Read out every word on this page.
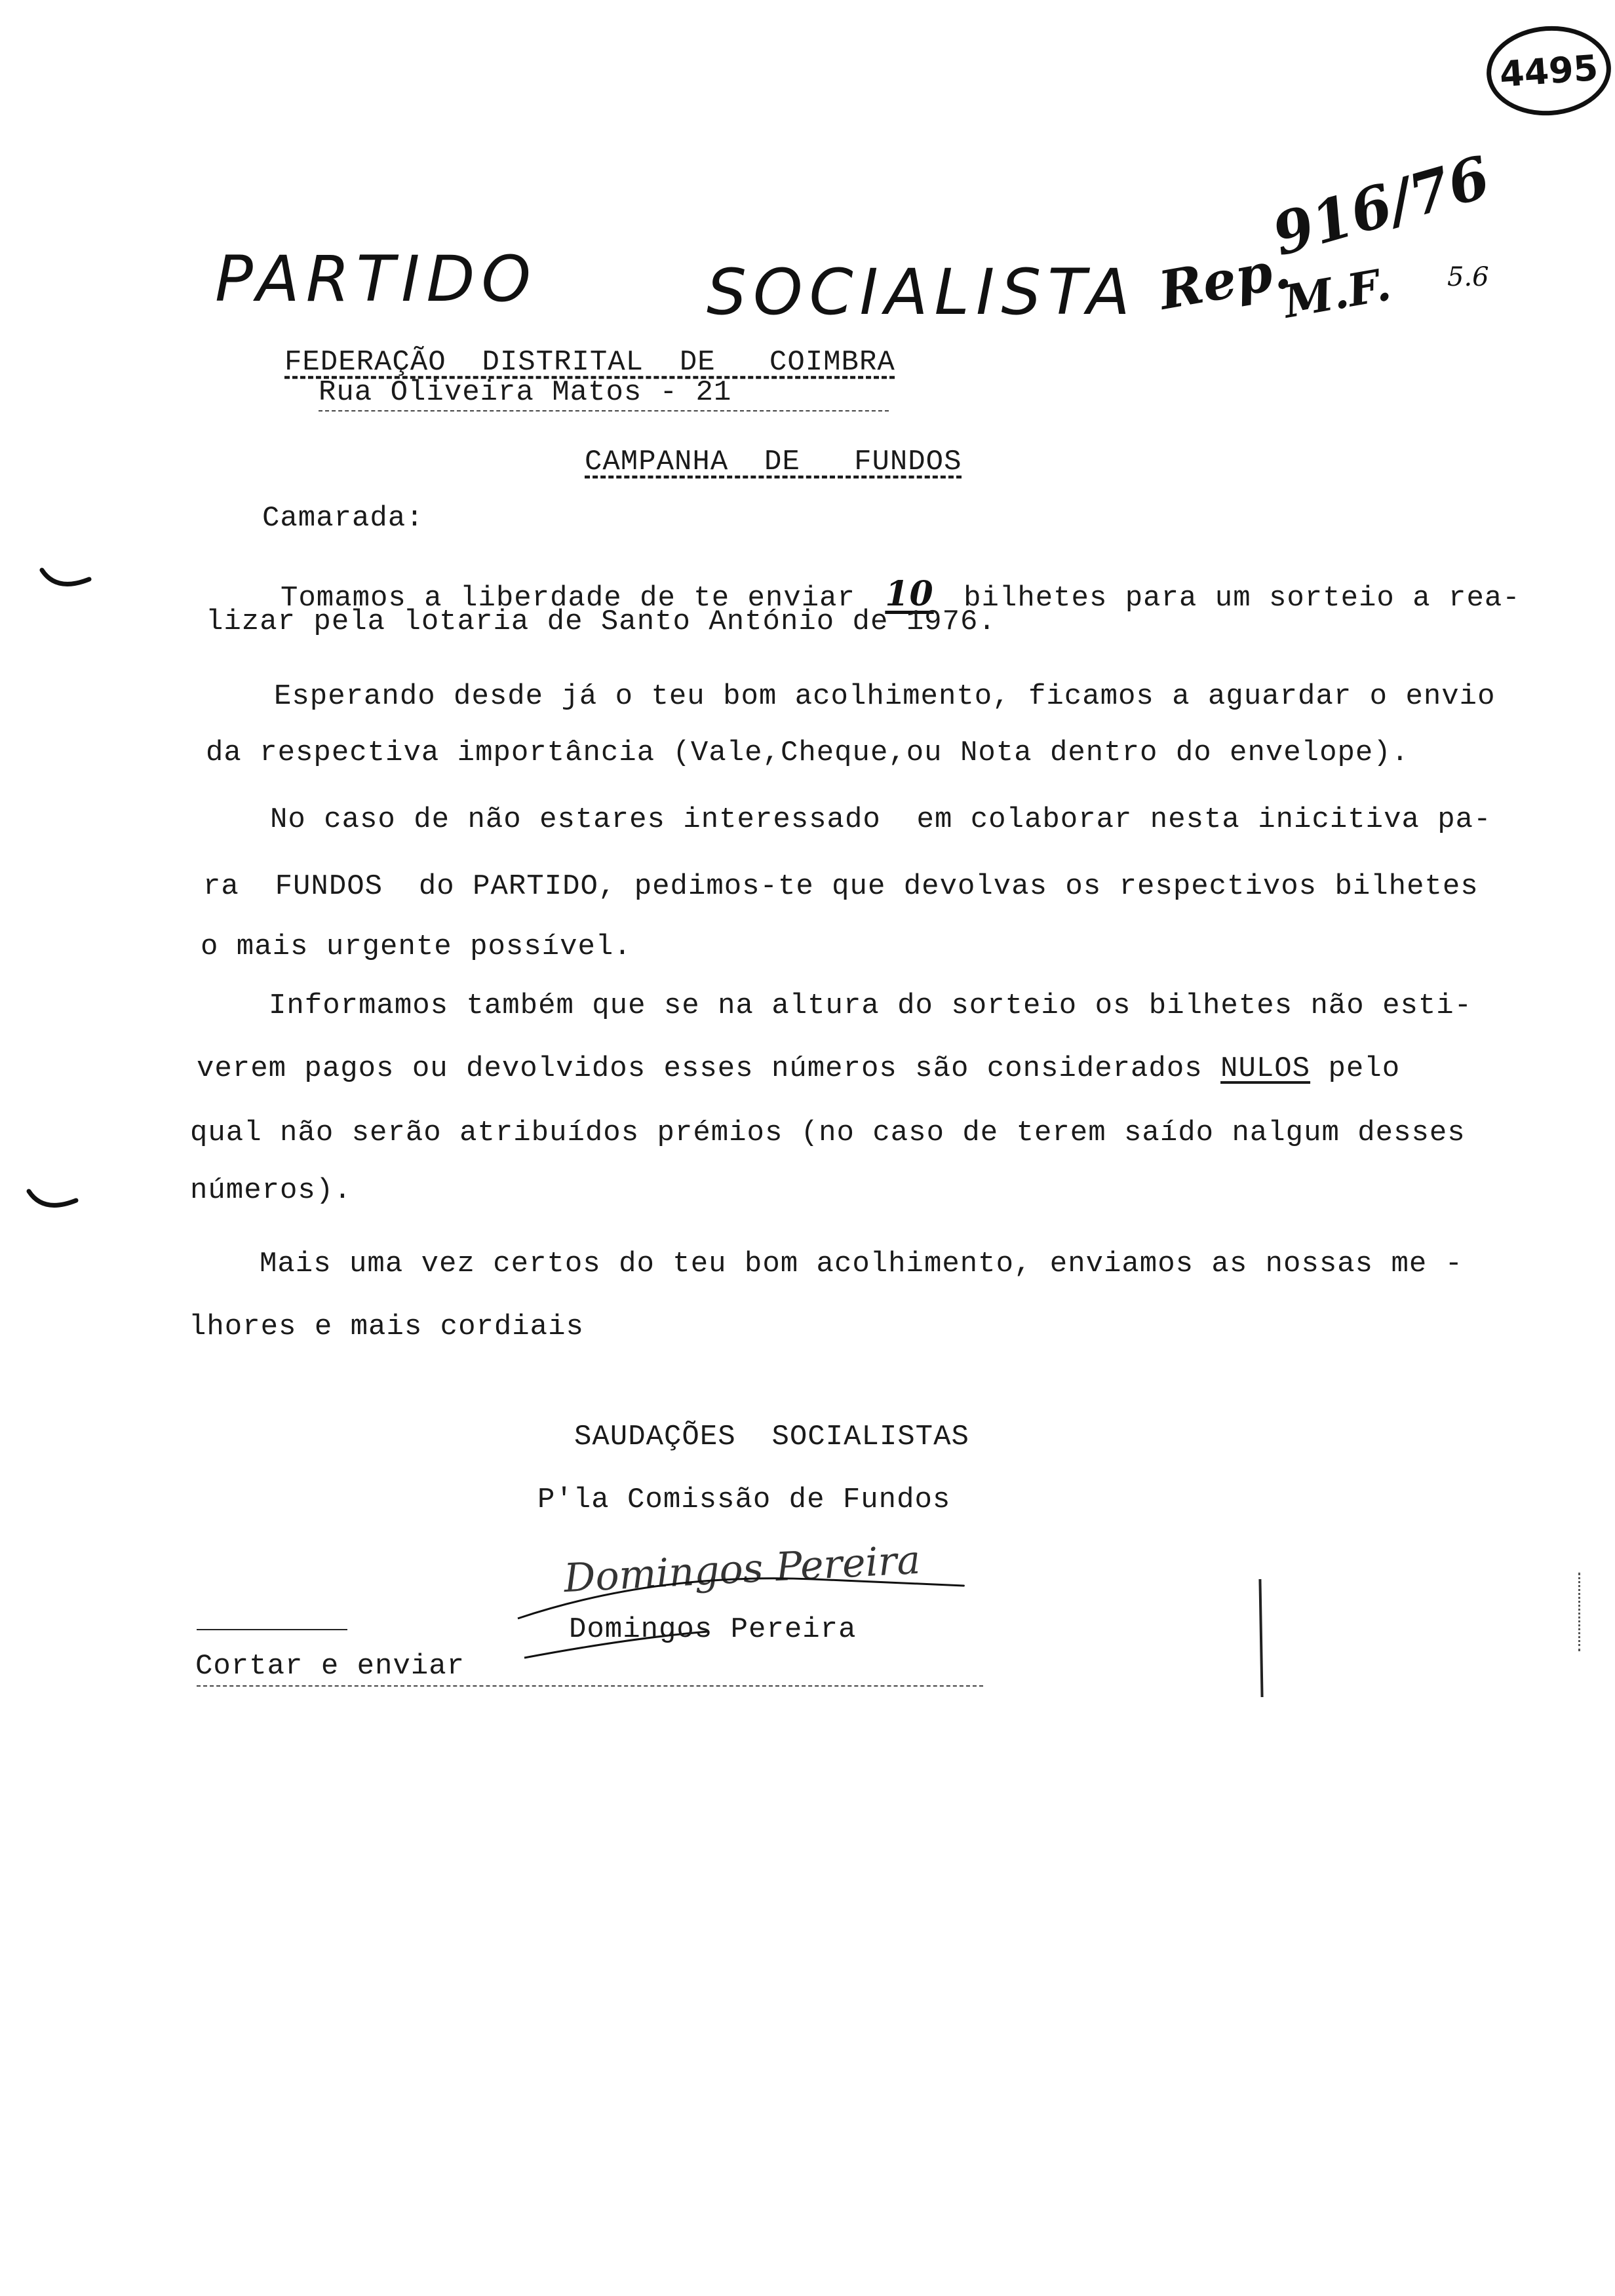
4495
PARTIDO	SOCIALISTA Rep.
916/76
M.F. 5.6
FEDERAÇÃO  DISTRITAL  DE   COIMBRA
Rua Oliveira Matos - 21
CAMPANHA  DE   FUNDOS
Camarada:
Tomamos a liberdade de te enviar 10 bilhetes para um sorteio a rea-
lizar pela lotaria de Santo António de 1976.
Esperando desde já o teu bom acolhimento, ficamos a aguardar o envio
da respectiva importância (Vale,Cheque,ou Nota dentro do envelope).
No caso de não estares interessado  em colaborar nesta inicitiva pa-
ra  FUNDOS  do PARTIDO, pedimos-te que devolvas os respectivos bilhetes
o mais urgente possível.
Informamos também que se na altura do sorteio os bilhetes não esti-
verem pagos ou devolvidos esses números são considerados NULOS pelo
qual não serão atribuídos prémios (no caso de terem saído nalgum desses
números).
Mais uma vez certos do teu bom acolhimento, enviamos as nossas me -
lhores e mais cordiais
SAUDAÇÕES  SOCIALISTAS
P'la Comissão de Fundos
Domingos Pereira
Domingos Pereira
Cortar e enviar
